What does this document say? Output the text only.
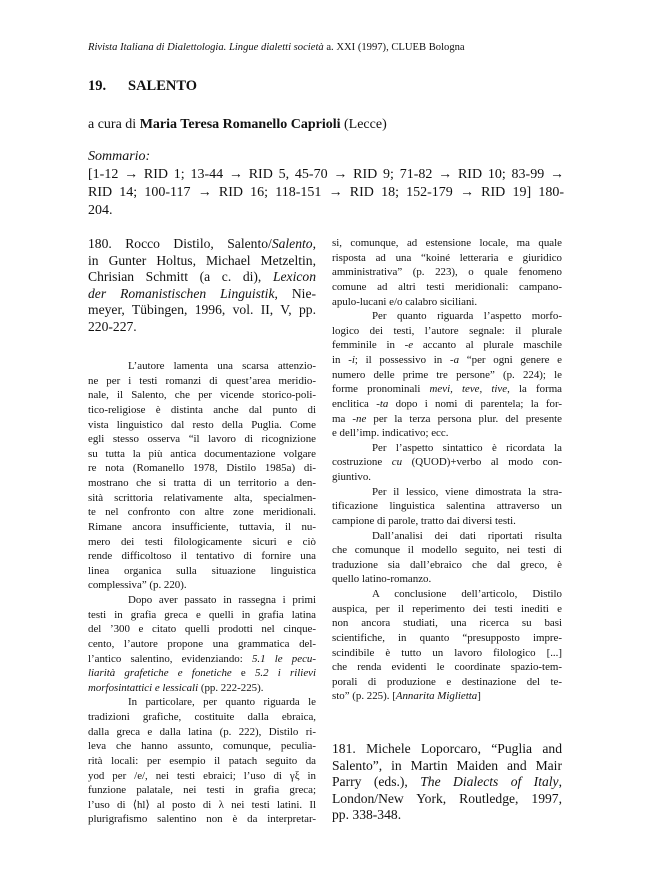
Rivista Italiana di Dialettologia. Lingue dialetti società a. XXI (1997), CLUEB Bologna
19. SALENTO
a cura di Maria Teresa Romanello Caprioli (Lecce)
Sommario:
[1-12 → RID 1; 13-44 → RID 5, 45-70 → RID 9; 71-82 → RID 10; 83-99 →
RID 14; 100-117 → RID 16; 118-151 → RID 18; 152-179 → RID 19] 180-
204.
180. Rocco Distilo, Salento/Salento,
in Gunter Holtus, Michael Metzeltin,
Chrisian Schmitt (a c. di), Lexicon
der Romanistischen Linguistik, Nie-
meyer, Tübingen, 1996, vol. II, V, pp.
220-227.
L’autore lamenta una scarsa attenzio-
ne per i testi romanzi di quest’area meridio-
nale, il Salento, che per vicende storico-poli-
tico-religiose è distinta anche dal punto di
vista linguistico dal resto della Puglia. Come
egli stesso osserva “il lavoro di ricognizione
su tutta la più antica documentazione volgare
re nota (Romanello 1978, Distilo 1985a) di-
mostrano che si tratta di un territorio a den-
sità scrittoria relativamente alta, specialmen-
te nel confronto con altre zone meridionali.
Rimane ancora insufficiente, tuttavia, il nu-
mero dei testi filologicamente sicuri e ciò
rende difficoltoso il tentativo di fornire una
linea organica sulla situazione linguistica
complessiva” (p. 220).
Dopo aver passato in rassegna i primi
testi in grafia greca e quelli in grafia latina
del ’300 e citato quelli prodotti nel cinque-
cento, l’autore propone una grammatica del-
l’antico salentino, evidenziando: 5.1 le pecu-
liarità grafetiche e fonetiche e 5.2 i rilievi
morfosintattici e lessicali (pp. 222-225).
In particolare, per quanto riguarda le
tradizioni grafiche, costituite dalla ebraica,
dalla greca e dalla latina (p. 222), Distilo ri-
leva che hanno assunto, comunque, peculia-
rità locali: per esempio il patach seguito da
yod per /e/, nei testi ebraici; l’uso di γξ in
funzione palatale, nei testi in grafia greca;
l’uso di ⟨hl⟩ al posto di λ nei testi latini. Il
plurigrafismo salentino non è da interpretar-
si, comunque, ad estensione locale, ma quale
risposta ad una “koiné letteraria e giuridico
amministrativa” (p. 223), o quale fenomeno
comune ad altri testi meridionali: campano-
apulo-lucani e/o calabro siciliani.
Per quanto riguarda l’aspetto morfo-
logico dei testi, l’autore segnale: il plurale
femminile in -e accanto al plurale maschile
in -i; il possessivo in -a “per ogni genere e
numero delle prime tre persone” (p. 224); le
forme pronominali mevi, teve, tive, la forma
enclitica -ta dopo i nomi di parentela; la for-
ma -ne per la terza persona plur. del presente
e dell’imp. indicativo; ecc.
Per l’aspetto sintattico è ricordata la
costruzione cu (QUOD)+verbo al modo con-
giuntivo.
Per il lessico, viene dimostrata la stra-
tificazione linguistica salentina attraverso un
campione di parole, tratto dai diversi testi.
Dall’analisi dei dati riportati risulta
che comunque il modello seguito, nei testi di
traduzione sia dall’ebraico che dal greco, è
quello latino-romanzo.
A conclusione dell’articolo, Distilo
auspica, per il reperimento dei testi inediti e
non ancora studiati, una ricerca su basi
scientifiche, in quanto “presupposto impre-
scindibile è tutto un lavoro filologico [...]
che renda evidenti le coordinate spazio-tem-
porali di produzione e destinazione del te-
sto” (p. 225). [Annarita Miglietta]
181. Michele Loporcaro, “Puglia and
Salento”, in Martin Maiden and Mair
Parry (eds.), The Dialects of Italy,
London/New York, Routledge, 1997,
pp. 338-348.
